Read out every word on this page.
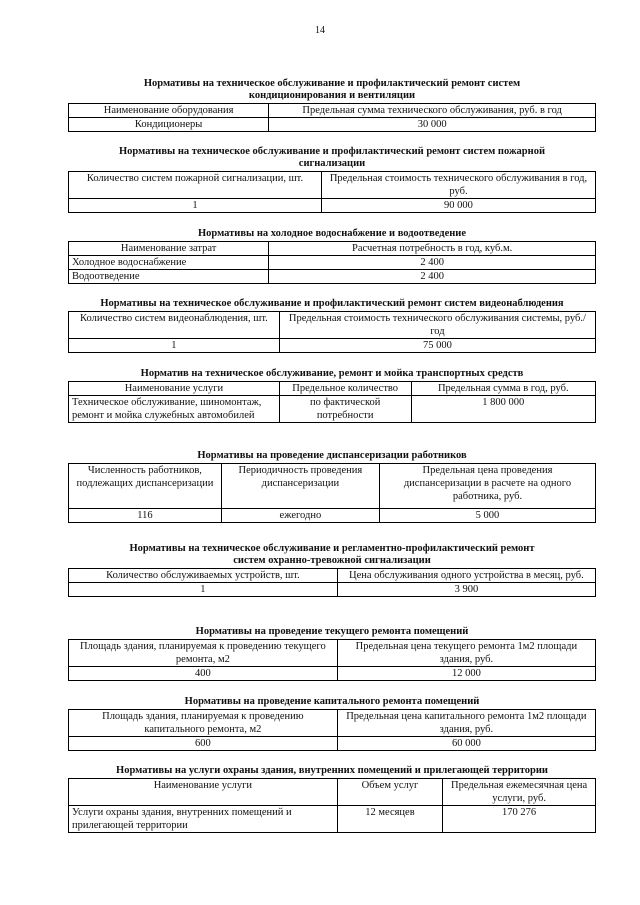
14
Нормативы на техническое обслуживание и профилактический ремонт систем
кондиционирования и вентиляции
Наименование оборудования	Предельная сумма технического обслуживания, руб. в год
Кондиционеры	30 000
Нормативы на техническое обслуживание и профилактический ремонт систем пожарной
сигнализации
Количество систем пожарной сигнализации, шт.	Предельная стоимость технического обслуживания в год, руб.
1	90 000
Нормативы на холодное водоснабжение и водоотведение
Наименование затрат	Расчетная потребность в год, куб.м.
Холодное водоснабжение	2 400
Водоотведение	2 400
Нормативы на техническое обслуживание и профилактический ремонт систем видеонаблюдения
Количество систем видеонаблюдения, шт.	Предельная стоимость технического обслуживания системы, руб./год
1	75 000
Норматив на техническое обслуживание, ремонт и мойка транспортных средств
Наименование услуги	Предельное количество	Предельная сумма в год, руб.
Техническое обслуживание, шиномонтаж, ремонт и мойка служебных автомобилей	по фактической потребности	1 800 000
Нормативы на проведение диспансеризации работников
Численность работников, подлежащих диспансеризации	Периодичность проведения диспансеризации	Предельная цена проведения диспансеризации в расчете на одного работника, руб.
116	ежегодно	5 000
Нормативы на техническое обслуживание и регламентно-профилактический ремонт
систем охранно-тревожной сигнализации
Количество обслуживаемых устройств, шт.	Цена обслуживания одного устройства в месяц, руб.
1	3 900
Нормативы на проведение текущего ремонта помещений
Площадь здания, планируемая к проведению текущего ремонта, м2	Предельная цена текущего ремонта 1м2 площади здания, руб.
400	12 000
Нормативы на проведение капитального ремонта помещений
Площадь здания, планируемая к проведению капитального ремонта, м2	Предельная цена капитального ремонта 1м2 площади здания, руб.
600	60 000
Нормативы на услуги охраны здания, внутренних помещений и прилегающей территории
Наименование услуги	Объем услуг	Предельная ежемесячная цена услуги, руб.
Услуги охраны здания, внутренних помещений и прилегающей территории	12 месяцев	170 276
